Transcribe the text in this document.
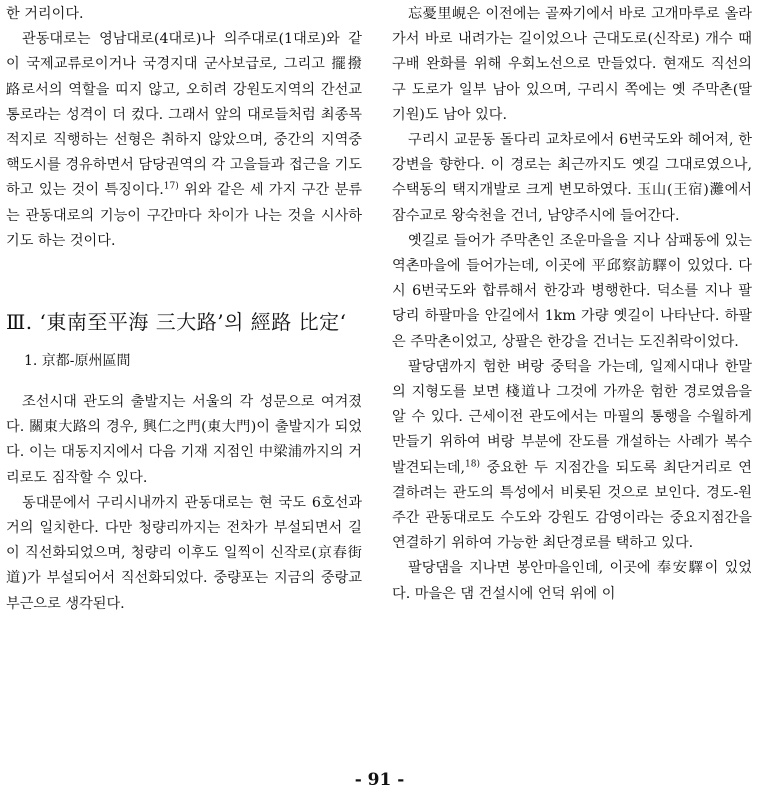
한 거리이다.

관동대로는 영남대로(4대로)나 의주대로(1대로)와 같이 국제교류로이거나 국경지대 군사보급로, 그리고 擺撥路로서의 역할을 띠지 않고, 오히려 강원도지역의 간선교통로라는 성격이 더 컸다. 그래서 앞의 대로들처럼 최종목적지로 직행하는 선형은 취하지 않았으며, 중간의 지역중핵도시를 경유하면서 담당권역의 각 고을들과 접근을 기도하고 있는 것이 특징이다.$^{17)}$ 위와 같은 세 가지 구간 분류는 관동대로의 기능이 구간마다 차이가 나는 것을 시사하기도 하는 것이다.

Ⅲ. ‘東南至平海 三大路’의 經路 比定‘
1. 京都-原州區間

조선시대 관도의 출발지는 서울의 각 성문으로 여겨졌다. 關東大路의 경우, 興仁之門(東大門)이 출발지가 되었다. 이는 대동지지에서 다음 기재 지점인 中梁浦까지의 거리로도 짐작할 수 있다.

동대문에서 구리시내까지 관동대로는 현 국도 6호선과 거의 일치한다. 다만 청량리까지는 전차가 부설되면서 길이 직선화되었으며, 청량리 이후도 일찍이 신작로(京春街道)가 부설되어서 직선화되었다. 중량포는 지금의 중랑교 부근으로 생각된다.

忘憂里峴은 이전에는 골짜기에서 바로 고개마루로 올라가서 바로 내려가는 길이었으나 근대도로(신작로) 개수 때 구배 완화를 위해 우회노선으로 만들었다. 현재도 직선의 구 도로가 일부 남아 있으며, 구리시 쪽에는 옛 주막촌(딸기원)도 남아 있다.

구리시 교문동 돌다리 교차로에서 6번국도와 헤어져, 한강변을 향한다. 이 경로는 최근까지도 옛길 그대로였으나, 수택동의 택지개발로 크게 변모하였다. 玉山(王宿)灘에서 잠수교로 왕숙천을 건너, 남양주시에 들어간다.

옛길로 들어가 주막촌인 조운마을을 지나 삼패동에 있는 역촌마을에 들어가는데, 이곳에 平邱察訪驛이 있었다. 다시 6번국도와 합류해서 한강과 병행한다. 덕소를 지나 팔당리 하팔마을 안길에서 1km 가량 옛길이 나타난다. 하팔은 주막촌이었고, 상팔은 한강을 건너는 도진취락이었다.

팔당댐까지 험한 벼랑 중턱을 가는데, 일제시대나 한말의 지형도를 보면 棧道나 그것에 가까운 험한 경로였음을 알 수 있다. 근세이전 관도에서는 마필의 통행을 수월하게 만들기 위하여 벼랑 부분에 잔도를 개설하는 사례가 복수 발견되는데,$^{18)}$ 중요한 두 지점간을 되도록 최단거리로 연결하려는 관도의 특성에서 비롯된 것으로 보인다. 경도-원주간 관동대로도 수도와 강원도 감영이라는 중요지점간을 연결하기 위하여 가능한 최단경로를 택하고 있다.

팔당댐을 지나면 봉안마을인데, 이곳에 奉安驛이 있었다. 마을은 댐 건설시에 언덕 위에 이

- 91 -
